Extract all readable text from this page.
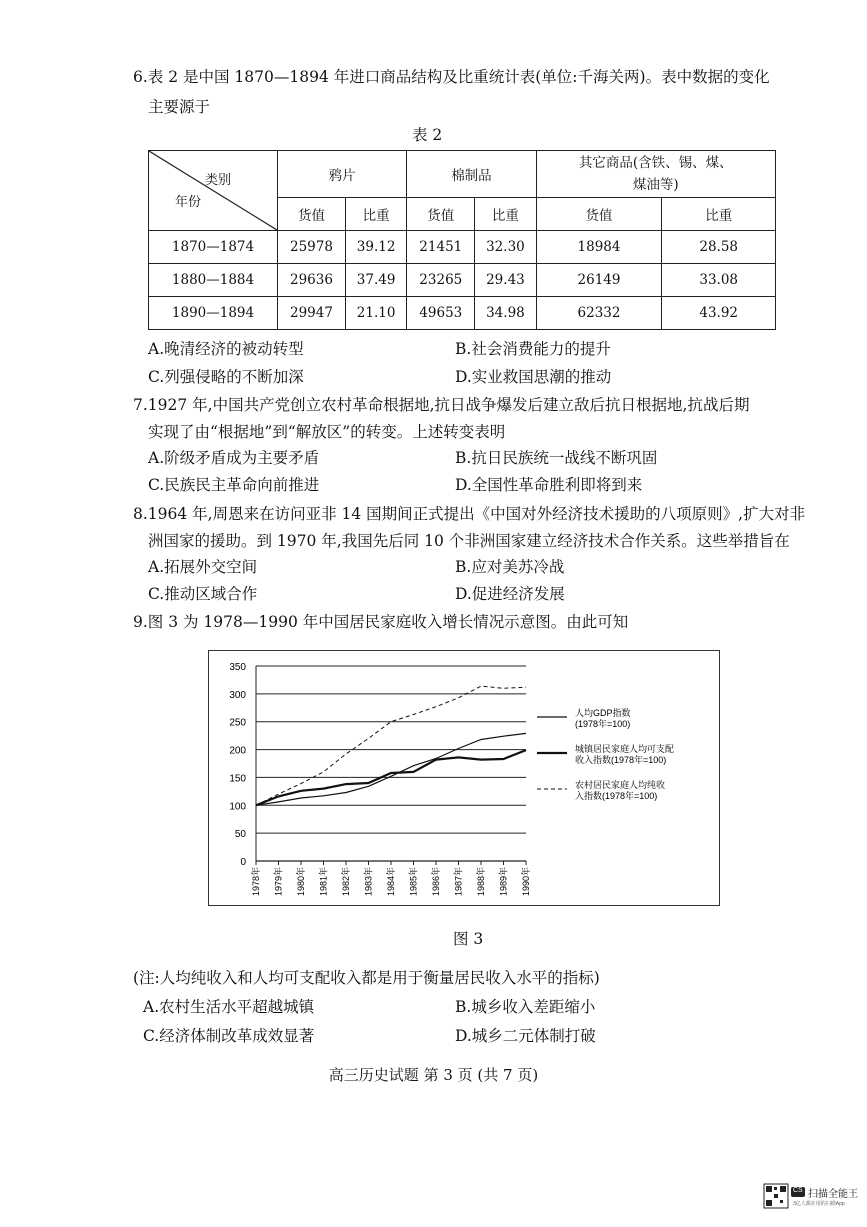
6.表 2 是中国 1870—1894 年进口商品结构及比重统计表(单位:千海关两)。表中数据的变化
主要源于
表 2
类别
年份	鸦片		棉制品		其它商品(含铁、锡、煤、
煤油等)	
	货值	比重	货值	比重	货值	比重
1870—1874	25978	39.12	21451	32.30	18984	28.58
1880—1884	29636	37.49	23265	29.43	26149	33.08
1890—1894	29947	21.10	49653	34.98	62332	43.92
A.晚清经济的被动转型	B.社会消费能力的提升
C.列强侵略的不断加深	D.实业救国思潮的推动
7.1927 年,中国共产党创立农村革命根据地,抗日战争爆发后建立敌后抗日根据地,抗战后期
实现了由“根据地”到“解放区”的转变。上述转变表明
A.阶级矛盾成为主要矛盾	B.抗日民族统一战线不断巩固
C.民族民主革命向前推进	D.全国性革命胜利即将到来
8.1964 年,周恩来在访问亚非 14 国期间正式提出《中国对外经济技术援助的八项原则》,扩大对非
洲国家的援助。到 1970 年,我国先后同 10 个非洲国家建立经济技术合作关系。这些举措旨在
A.拓展外交空间	B.应对美苏冷战
C.推动区域合作	D.促进经济发展
9.图 3 为 1978—1990 年中国居民家庭收入增长情况示意图。由此可知
0
50
100
150
200
250
300
350
1978年 1979年 1980年 1981年 1982年 1983年 1984年 1985年 1986年 1987年 1988年 1989年 1990年
人均GDP指数
(1978年=100)
城镇居民家庭人均可支配
收入指数(1978年=100)
农村居民家庭人均纯收
入指数(1978年=100)
图 3
(注:人均纯收入和人均可支配收入都是用于衡量居民收入水平的指标)
A.农村生活水平超越城镇	B.城乡收入差距缩小
C.经济体制改革成效显著	D.城乡二元体制打破
高三历史试题 第 3 页 (共 7 页)
CS 扫描全能王
3亿人都在用的扫描App
